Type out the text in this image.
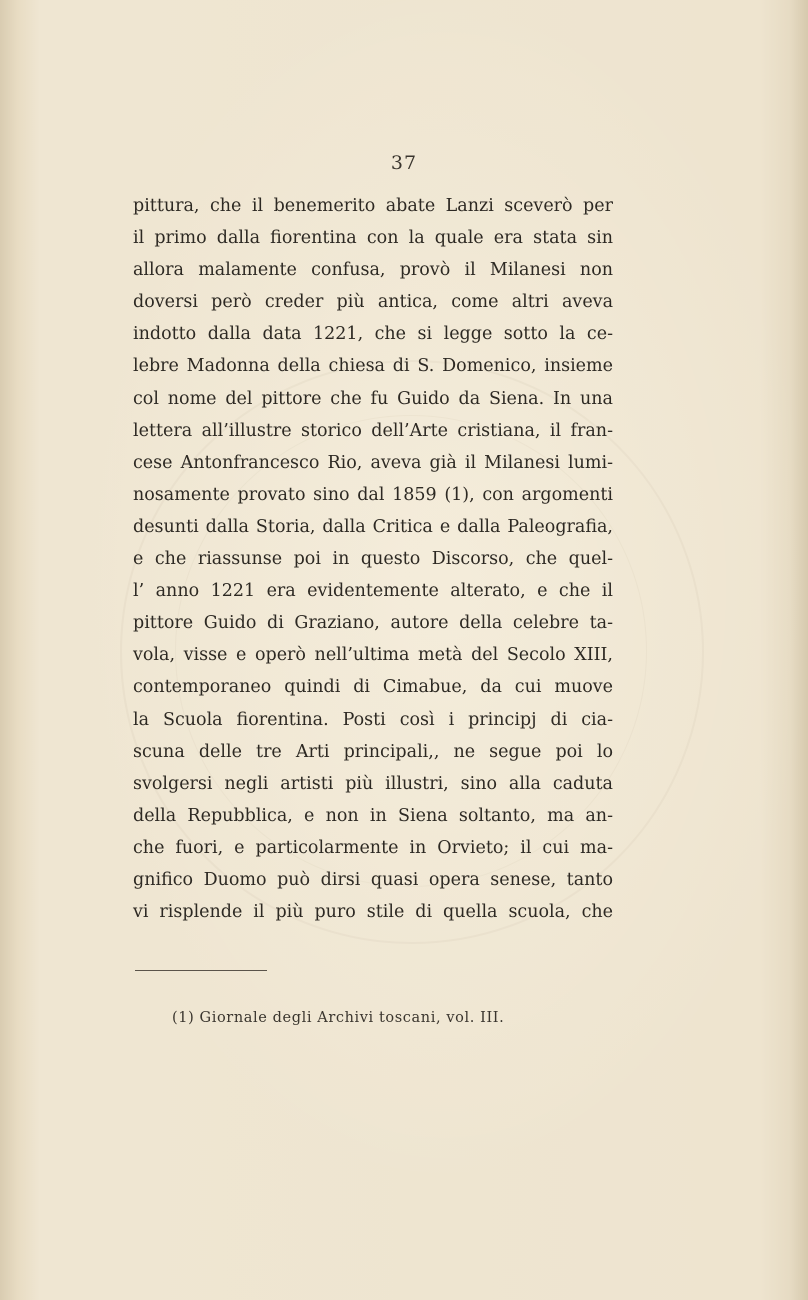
37
pittura, che il benemerito abate Lanzi sceverò per
il primo dalla fiorentina con la quale era stata sin
allora malamente confusa, provò il Milanesi non
doversi però creder più antica, come altri aveva
indotto dalla data 1221, che si legge sotto la ce-
lebre Madonna della chiesa di S. Domenico, insieme
col nome del pittore che fu Guido da Siena. In una
lettera all’illustre storico dell’Arte cristiana, il fran-
cese Antonfrancesco Rio, aveva già il Milanesi lumi-
nosamente provato sino dal 1859 (1), con argomenti
desunti dalla Storia, dalla Critica e dalla Paleografia,
e che riassunse poi in questo Discorso, che quel-
l’ anno 1221 era evidentemente alterato, e che il
pittore Guido di Graziano, autore della celebre ta-
vola, visse e operò nell’ultima metà del Secolo XIII,
contemporaneo quindi di Cimabue, da cui muove
la Scuola fiorentina. Posti così i principj di cia-
scuna delle tre Arti principali,, ne segue poi lo
svolgersi negli artisti più illustri, sino alla caduta
della Repubblica, e non in Siena soltanto, ma an-
che fuori, e particolarmente in Orvieto; il cui ma-
gnifico Duomo può dirsi quasi opera senese, tanto
vi risplende il più puro stile di quella scuola, che
(1) Giornale degli Archivi toscani, vol. III.
